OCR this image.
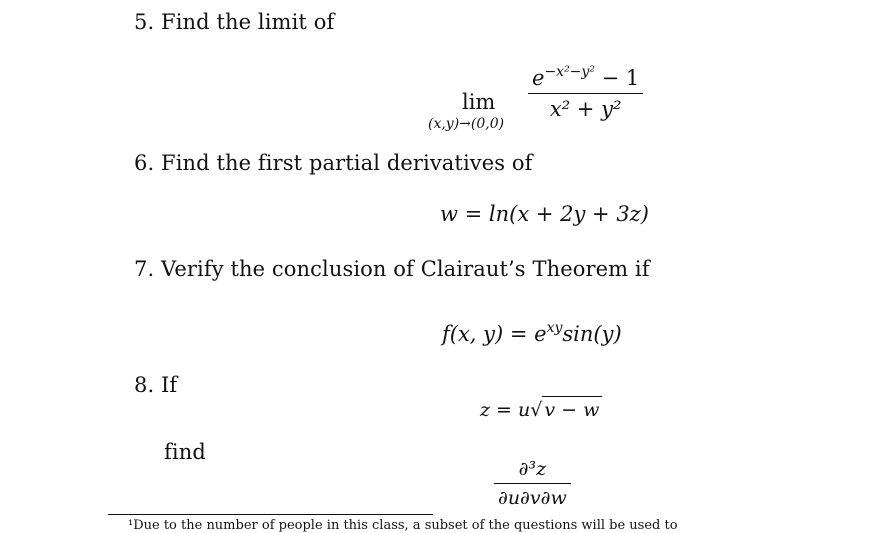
5. Find the limit of
lim
(x,y)→(0,0)
$e^{-x^2-y^2} - 1$
x² + y²
6. Find the first partial derivatives of
w = ln(x + 2y + 3z)
7. Verify the conclusion of Clairaut’s Theorem if
f(x, $y) = e^{xy}\sin(y)$
8. If
z = u√ v − w
find
∂³z
∂u∂v∂w
¹Due to the number of people in this class, a subset of the questions will be used to
